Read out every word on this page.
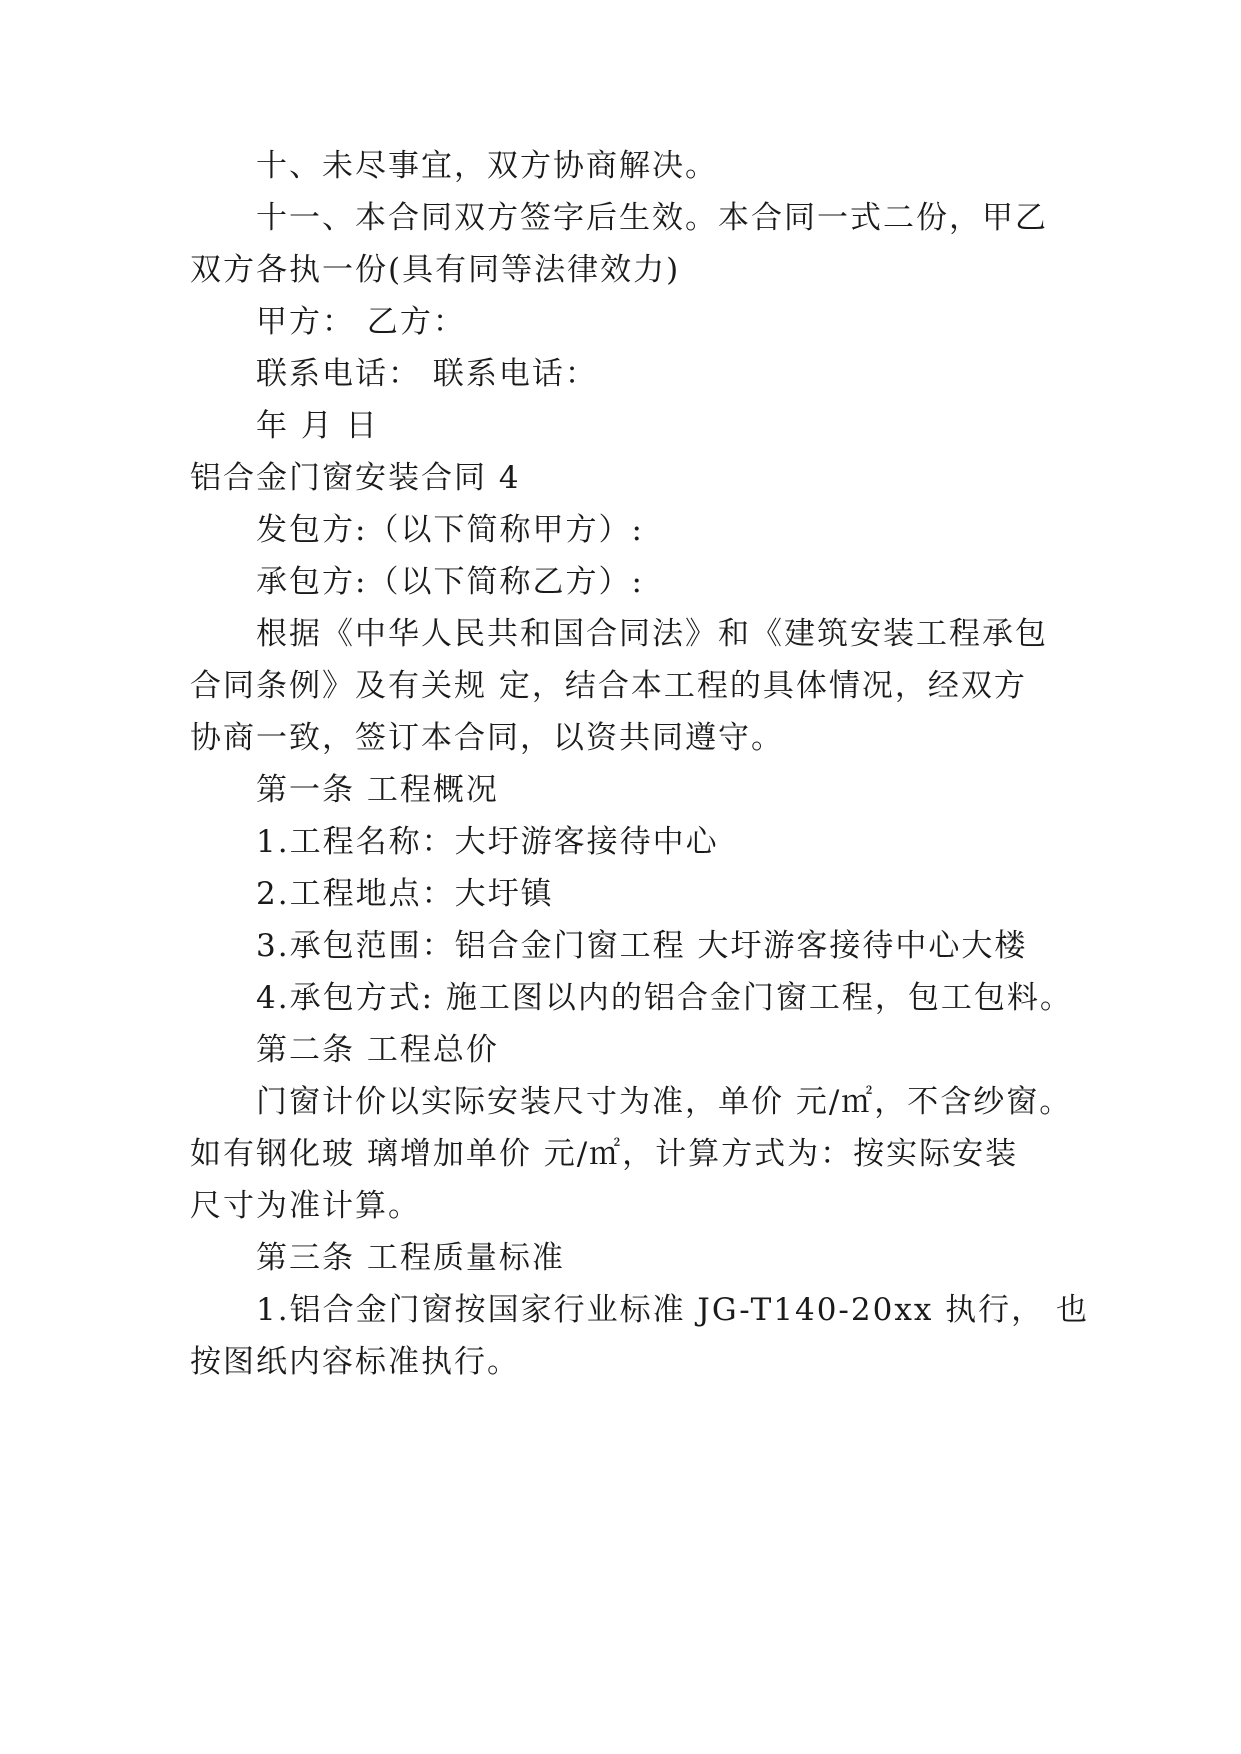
十、未尽事宜，双方协商解决。
十一、本合同双方签字后生效。本合同一式二份，甲乙
双方各执一份(具有同等法律效力)
甲方： 乙方：
联系电话： 联系电话：
年 月 日
铝合金门窗安装合同 4
发包方:（以下简称甲方）:
承包方:（以下简称乙方）:
根据《中华人民共和国合同法》和《建筑安装工程承包
合同条例》及有关规 定，结合本工程的具体情况，经双方
协商一致，签订本合同，以资共同遵守。
第一条 工程概况
1.工程名称：大圩游客接待中心
2.工程地点：大圩镇
3.承包范围：铝合金门窗工程 大圩游客接待中心大楼
4.承包方式: 施工图以内的铝合金门窗工程，包工包料。
第二条 工程总价
门窗计价以实际安装尺寸为准，单价 元/㎡，不含纱窗。
如有钢化玻 璃增加单价 元/㎡，计算方式为：按实际安装
尺寸为准计算。
第三条 工程质量标准
1.铝合金门窗按国家行业标准 JG-T140-20xx 执行， 也
按图纸内容标准执行。
